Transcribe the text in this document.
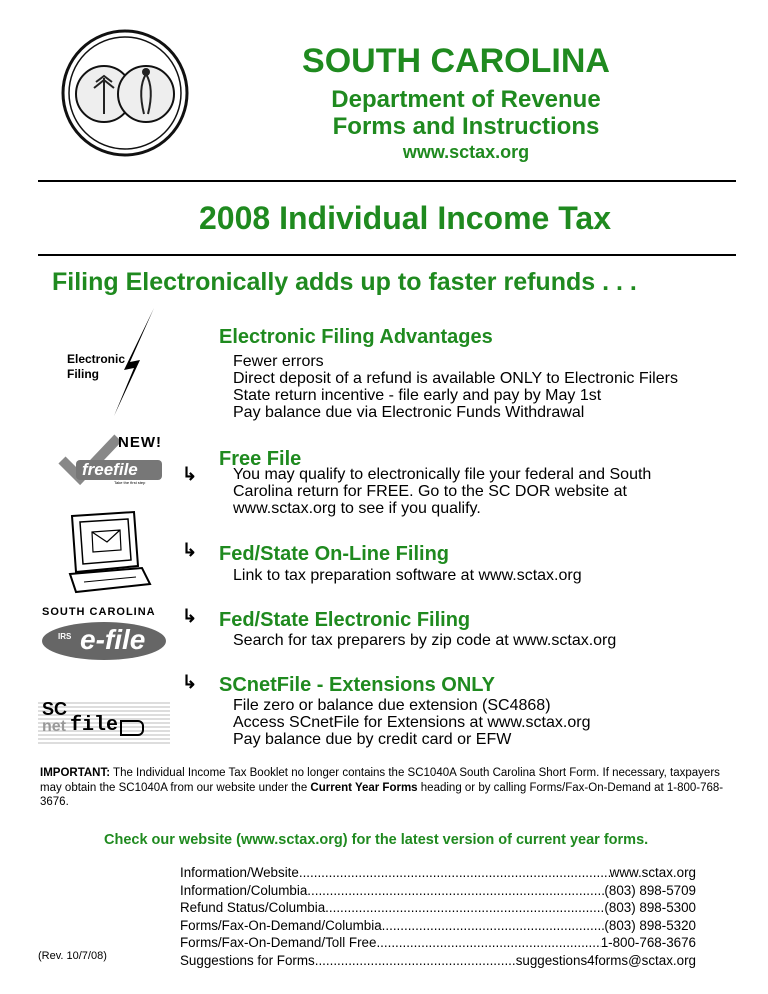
SOUTH CAROLINA
Department of Revenue
Forms and Instructions
www.sctax.org
2008 Individual Income Tax
Filing Electronically adds up to faster refunds . . .
Electronic
Filing
Electronic Filing Advantages
Fewer errors
Direct deposit of a refund is available ONLY to Electronic Filers
State return incentive - file early and pay by May 1st
Pay balance due via Electronic Funds Withdrawal
NEW!
freefile
Take the first step ↳
Free File
You may qualify to electronically file your federal and South
Carolina return for FREE. Go to the SC DOR website at
www.sctax.org to see if you qualify.
↳ Fed/State On-Line Filing
Link to tax preparation software at www.sctax.org
SOUTH CAROLINA
IRS e-file
↳ Fed/State Electronic Filing
Search for tax preparers by zip code at www.sctax.org
SC
net file
↳ SCnetFile - Extensions ONLY
File zero or balance due extension (SC4868)
Access SCnetFile for Extensions at www.sctax.org
Pay balance due by credit card or EFW
IMPORTANT: The Individual Income Tax Booklet no longer contains the SC1040A South Carolina Short Form. If necessary, taxpayers may obtain the SC1040A from our website under the Current Year Forms heading or by calling Forms/Fax-On-Demand at 1-800-768-3676.
Check our website (www.sctax.org) for the latest version of current year forms.
Information/Website .....	www.sctax.org
Information/Columbia .....	(803) 898-5709
Refund Status/Columbia .....	(803) 898-5300
Forms/Fax-On-Demand/Columbia .....	(803) 898-5320
Forms/Fax-On-Demand/Toll Free .....	1-800-768-3676
Suggestions for Forms .....	suggestions4forms@sctax.org
(Rev. 10/7/08)
